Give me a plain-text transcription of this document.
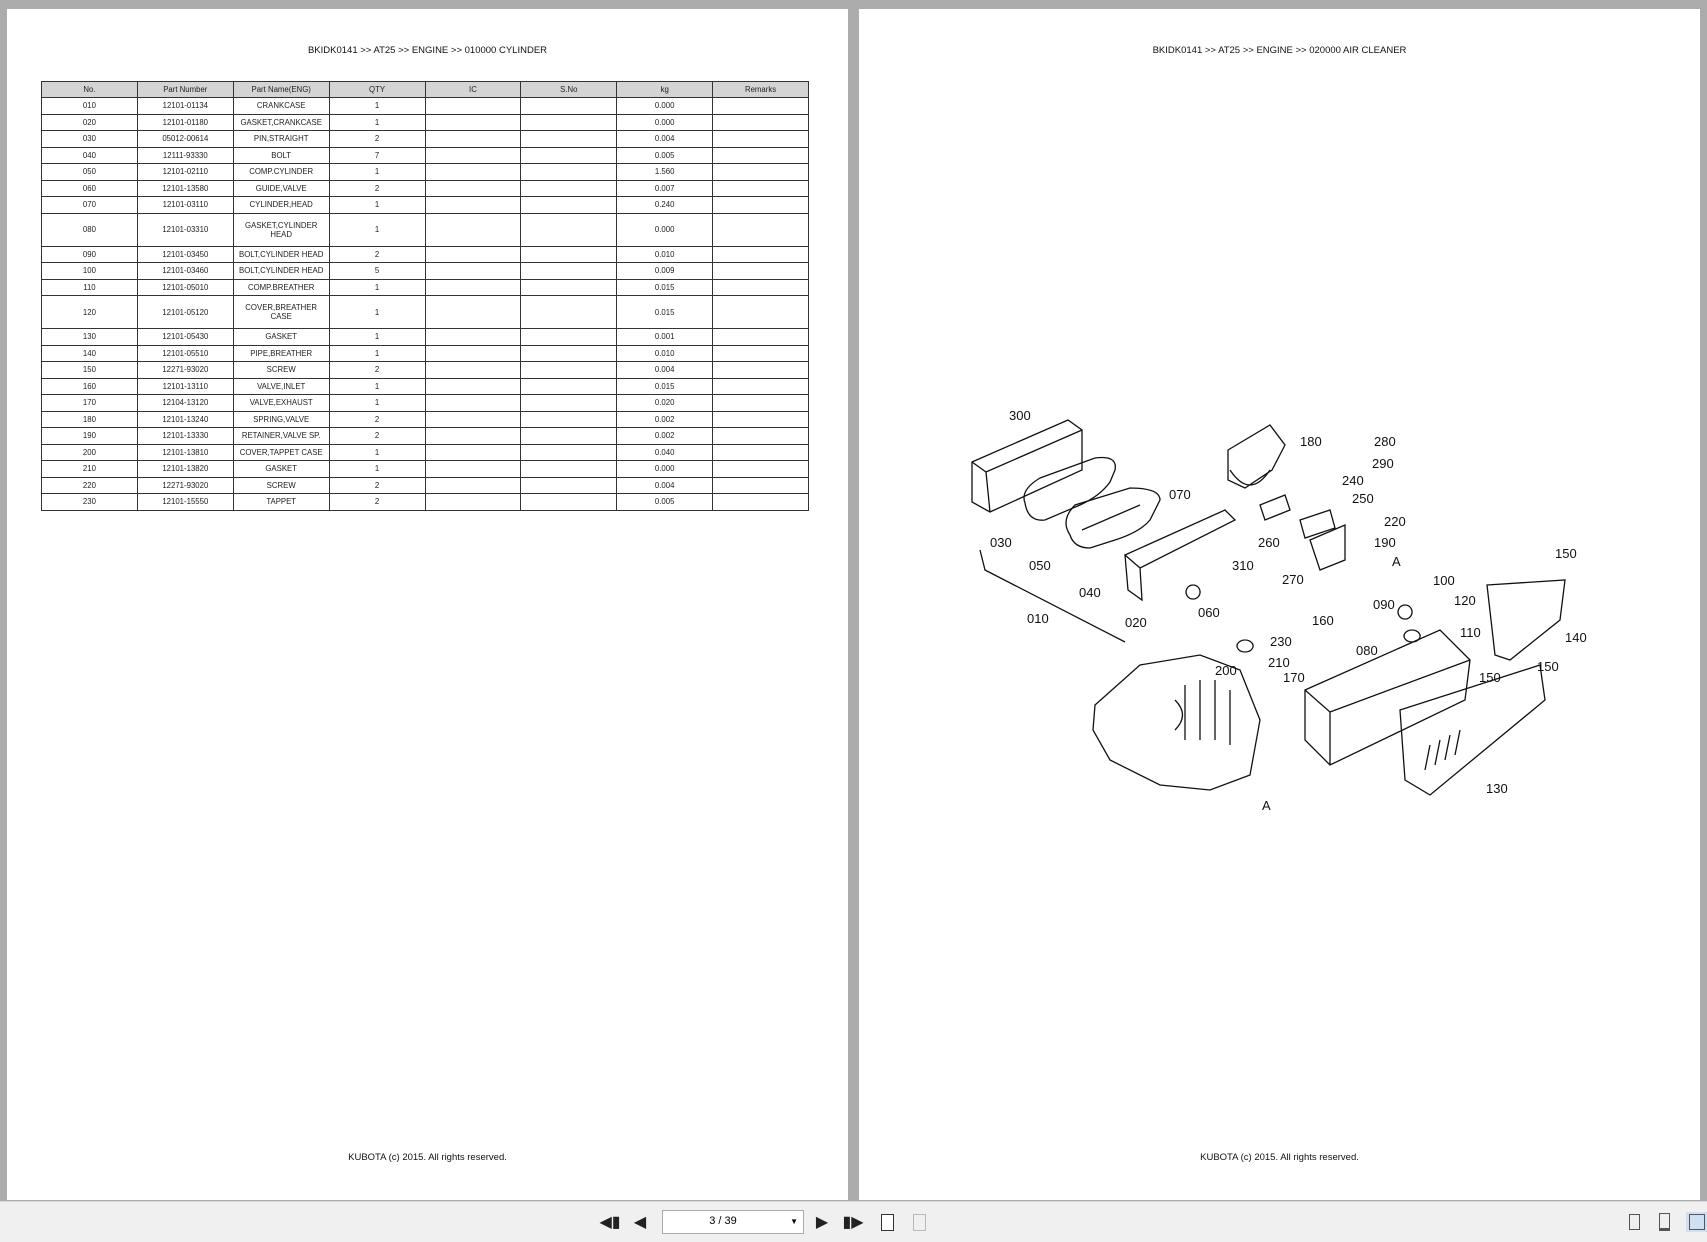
BKIDK0141 >> AT25 >> ENGINE >> 010000 CYLINDER
No.	Part Number	Part Name(ENG)	QTY	IC	S.No	kg	Remarks
010	12101-01134	CRANKCASE	1			0.000	
020	12101-01180	GASKET,CRANKCASE	1			0.000	
030	05012-00614	PIN,STRAIGHT	2			0.004	
040	12111-93330	BOLT	7			0.005	
050	12101-02110	COMP.CYLINDER	1			1.560	
060	12101-13580	GUIDE,VALVE	2			0.007	
070	12101-03110	CYLINDER,HEAD	1			0.240	
080	12101-03310	GASKET,CYLINDER HEAD	1			0.000	
090	12101-03450	BOLT,CYLINDER HEAD	2			0.010	
100	12101-03460	BOLT,CYLINDER HEAD	5			0.009	
110	12101-05010	COMP.BREATHER	1			0.015	
120	12101-05120	COVER,BREATHER CASE	1			0.015	
130	12101-05430	GASKET	1			0.001	
140	12101-05510	PIPE,BREATHER	1			0.010	
150	12271-93020	SCREW	2			0.004	
160	12101-13110	VALVE,INLET	1			0.015	
170	12104-13120	VALVE,EXHAUST	1			0.020	
180	12101-13240	SPRING,VALVE	2			0.002	
190	12101-13330	RETAINER,VALVE SP.	2			0.002	
200	12101-13810	COVER,TAPPET CASE	1			0.040	
210	12101-13820	GASKET	1			0.000	
220	12271-93020	SCREW	2			0.004	
230	12101-15550	TAPPET	2			0.005	
KUBOTA (c) 2015. All rights reserved.
BKIDK0141 >> AT25 >> ENGINE >> 020000 AIR CLEANER
KUBOTA (c) 2015. All rights reserved.
300
180	280
290
240
070	250
220
190
030	260
310
050	A
150
100
270
040
120
090
060
010	020
110	140
230
160
080
210	150
200	150
170
130
A
◀▮ ◀	3 / 39	▼ ▶ ▮▶
